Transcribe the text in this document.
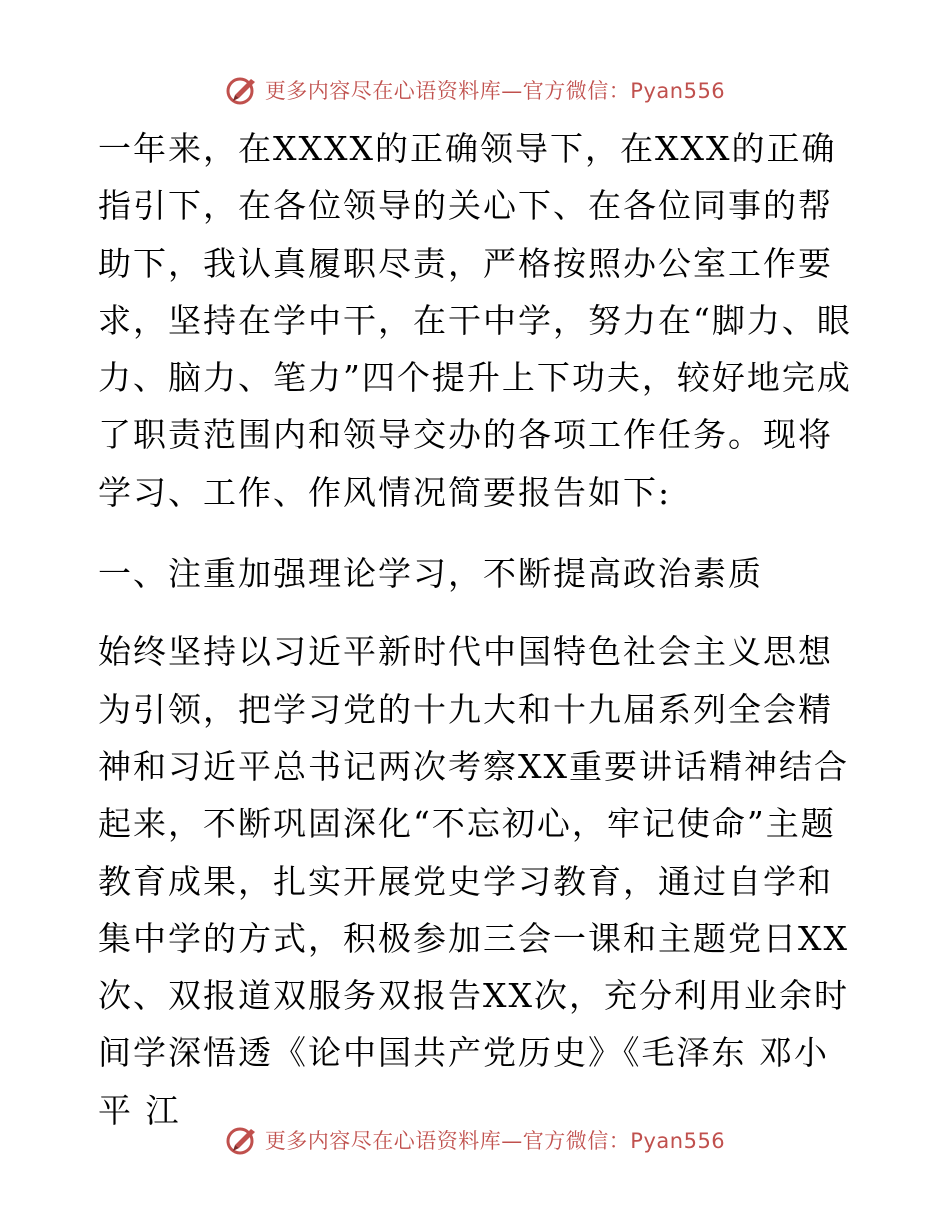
更多内容尽在心语资料库—官方微信：Pyan556

一年来，在XXXX的正确领导下，在XXX的正确指引下，在各位领导的关心下、在各位同事的帮助下，我认真履职尽责，严格按照办公室工作要求，坚持在学中干，在干中学，努力在“脚力、眼力、脑力、笔力”四个提升上下功夫，较好地完成了职责范围内和领导交办的各项工作任务。现将学习、工作、作风情况简要报告如下:

一、注重加强理论学习，不断提高政治素质

始终坚持以习近平新时代中国特色社会主义思想为引领，把学习党的十九大和十九届系列全会精神和习近平总书记两次考察XX重要讲话精神结合起来，不断巩固深化“不忘初心，牢记使命”主题教育成果，扎实开展党史学习教育，通过自学和集中学的方式，积极参加三会一课和主题党日XX次、双报道双服务双报告XX次，充分利用业余时间学深悟透《论中国共产党历史》《毛泽东 邓小平 江

更多内容尽在心语资料库—官方微信：Pyan556
